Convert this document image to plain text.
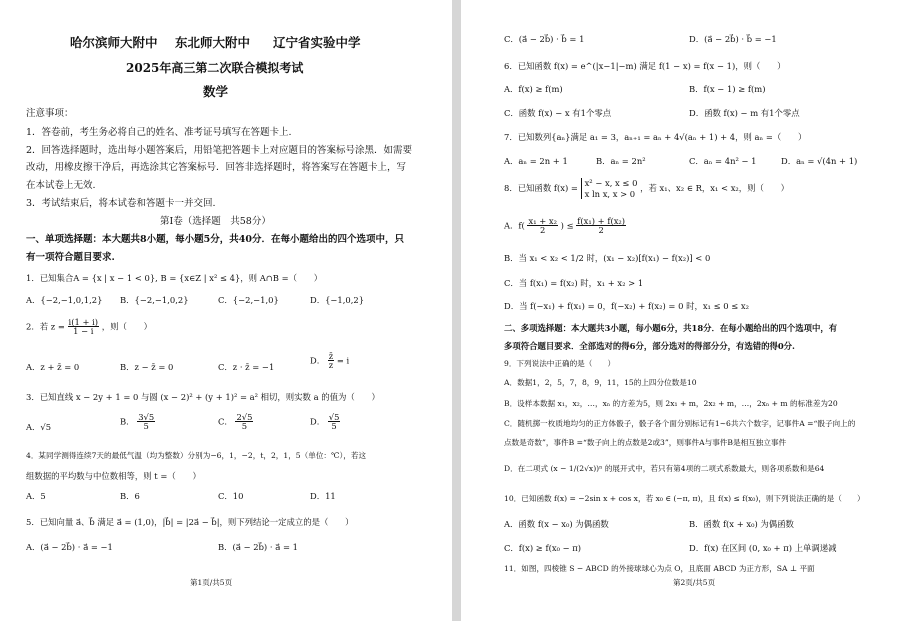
哈尔滨师大附中 东北师大附中 辽宁省实验中学
2025年高三第二次联合模拟考试
数学
注意事项：
1．答卷前，考生务必将自己的姓名、准考证号填写在答题卡上.
2．回答选择题时，选出每小题答案后，用铅笔把答题卡上对应题目的答案标号涂黑．如需要
改动，用橡皮擦干净后，再选涂其它答案标号．回答非选择题时，将答案写在答题卡上，写
在本试卷上无效.
3．考试结束后，将本试卷和答题卡一并交回.
第Ⅰ卷（选择题　共58分）
一、单项选择题：本大题共8小题，每小题5分，共40分．在每小题给出的四个选项中，只
有一项符合题目要求.
1．已知集合A = {x | x − 1 < 0}, B = {x∈Z | x² ≤ 4}，则 A∩B =（　　）
A．{−2,−1,0,1,2} B．{−2,−1,0,2}	C．{−2,−1,0}	D．{−1,0,2}
2．若 $z = \frac{i(1 + i)}{1 - i}$ ，则（　　）
A．z + z̄ = 0	B．z − z̄ = 0	C．z · z̄ = −1
D． $\frac{z̄}{z} = i$
3．已知直线 x − 2y + 1 = 0 与圆 (x − 2)² + (y + 1)² = a² 相切，则实数 a 的值为（　　）
A．√5
B． $\frac{3√5}{5}$	C． $\frac{2√5}{5}$	D． $\frac{√5}{5}$
4．某同学测得连续7天的最低气温（均为整数）分别为−6，1，−2，t，2，1，5（单位：℃），若这
组数据的平均数与中位数相等，则 t =（　　）
A．5	B．6	C．10	D．11
5．已知向量 a⃗、b⃗ 满足 a⃗ = (1,0)，|b⃗| = |2a⃗ − b⃗|，则下列结论一定成立的是（　　）
A．(a⃗ − 2b⃗) · a⃗ = −1	B．(a⃗ − 2b⃗) · a⃗ = 1
第1页/共5页
C．(a⃗ − 2b⃗) · b⃗ = 1	D．(a⃗ − 2b⃗) · b⃗ = −1
6．已知函数 f(x) = e^(|x−1|−m) 满足 f(1 − x) = f(x − 1)，则（　　）
A．f(x) ≥ f(m)	B．f(x − 1) ≥ f(m)
C．函数 f(x) − x 有1个零点	D．函数 f(x) − m 有1个零点
7．已知数列{aₙ}满足 a₁ = 3，aₙ₊₁ = aₙ + 4√(aₙ + 1) + 4，则 aₙ =（　　）
A．aₙ = 2n + 1	B．aₙ = 2n²	C．aₙ = 4n² − 1	D．aₙ = √(4n + 1)
8．已知函数 f(x) = x² − x, x ≤ 0
x ln x, x > 0
，若 x₁、x₂ ∈ R，x₁ < x₂，则（　　）
A．$f( \frac{\text{x₁ + x₂}}{2}$ ) ≤ $\frac{\text{f(x₁) + f(x₂)}}{2}$
B．当 x₁ < x₂ < 1/2 时，(x₁ − x₂)[f(x₁) − f(x₂)] < 0
C．当 f(x₁) = f(x₂) 时，x₁ + x₂ > 1
D．当 f(−x₁) + f(x₁) = 0，f(−x₂) + f(x₂) = 0 时，x₁ ≤ 0 ≤ x₂
二、多项选择题：本大题共3小题，每小题6分，共18分．在每小题给出的四个选项中，有
多项符合题目要求．全部选对的得6分，部分选对的得部分分，有选错的得0分.
9．下列说法中正确的是（　　）
A．数据1，2，5，7，8，9，11，15的上四分位数是10
B．设样本数据 x₁，x₂，…，xₙ 的方差为5，则 2x₁ + m，2x₂ + m，…，2xₙ + m 的标准差为20
C．随机掷一枚质地均匀的正方体骰子，骰子各个面分别标记有1~6共六个数字，记事件A =“骰子向上的
点数是奇数”，事件B =“数子向上的点数是2或3”，则事件A与事件B是相互独立事件
D．在二项式 (x − 1/(2√x))ⁿ 的展开式中，若只有第4项的二项式系数最大，则各项系数和是64
10．已知函数 f(x) = −2sin x + cos x，若 x₀ ∈ (−π, π)，且 f(x) ≤ f(x₀)，则下列说法正确的是（　　）
A．函数 f(x − x₀) 为偶函数	B．函数 f(x + x₀) 为偶函数
C．f(x) ≥ f(x₀ − π)	D．f(x) 在区间 (0, x₀ + π) 上单调递减
11．如图，四棱锥 S − ABCD 的外接球球心为点 O，且底面 ABCD 为正方形，SA ⊥ 平面
第2页/共5页
